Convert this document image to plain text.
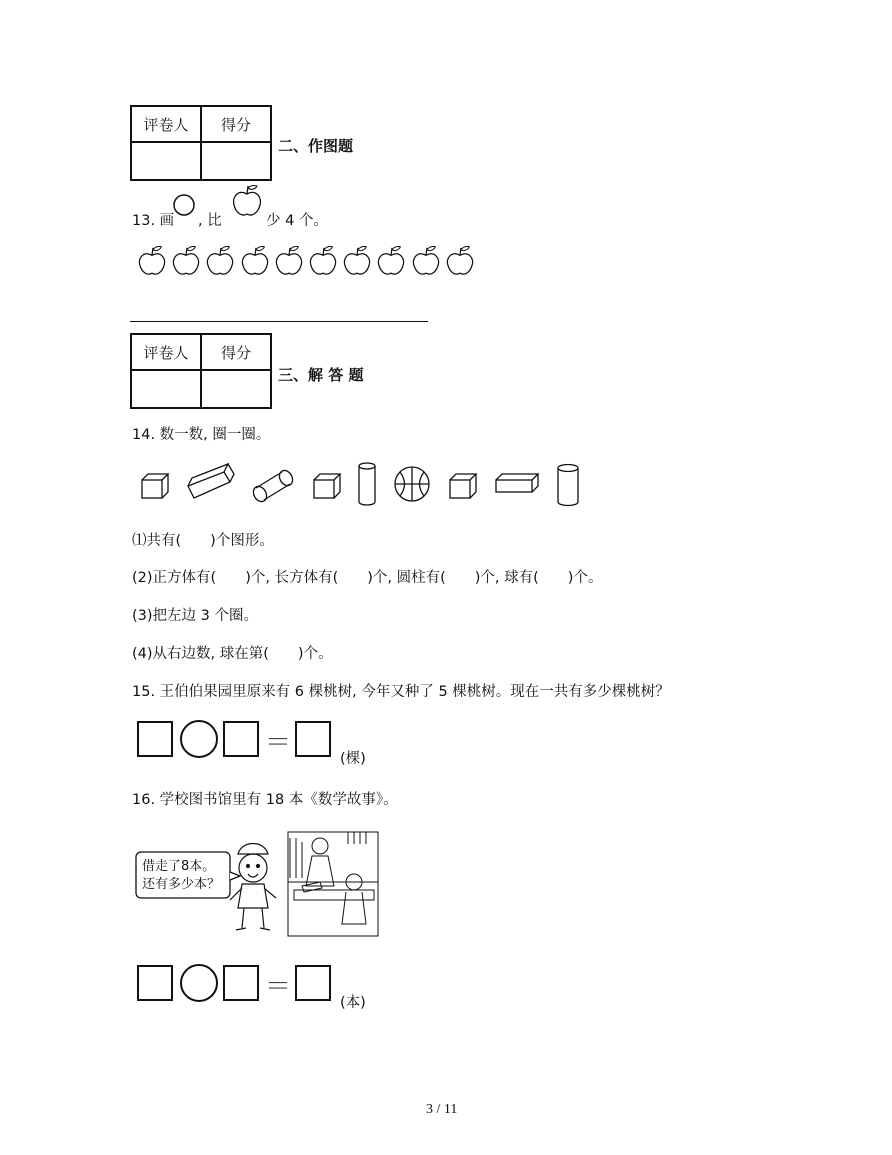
评卷人	得分

二、作图题
13. 画 , 比	少 4 个。
评卷人	得分

三、解 答 题
14. 数一数, 圈一圈。
⑴共有(　　)个图形。
(2)正方体有(　　)个, 长方体有(　　)个, 圆柱有(　　)个, 球有(　　)个。
(3)把左边 3 个圈。
(4)从右边数, 球在第(　　)个。
15. 王伯伯果园里原来有 6 棵桃树, 今年又种了 5 棵桃树。现在一共有多少棵桃树？
＝
(棵)
16. 学校图书馆里有 18 本《数学故事》。
借走了8本。
还有多少本？
＝
(本)
3 / 11
